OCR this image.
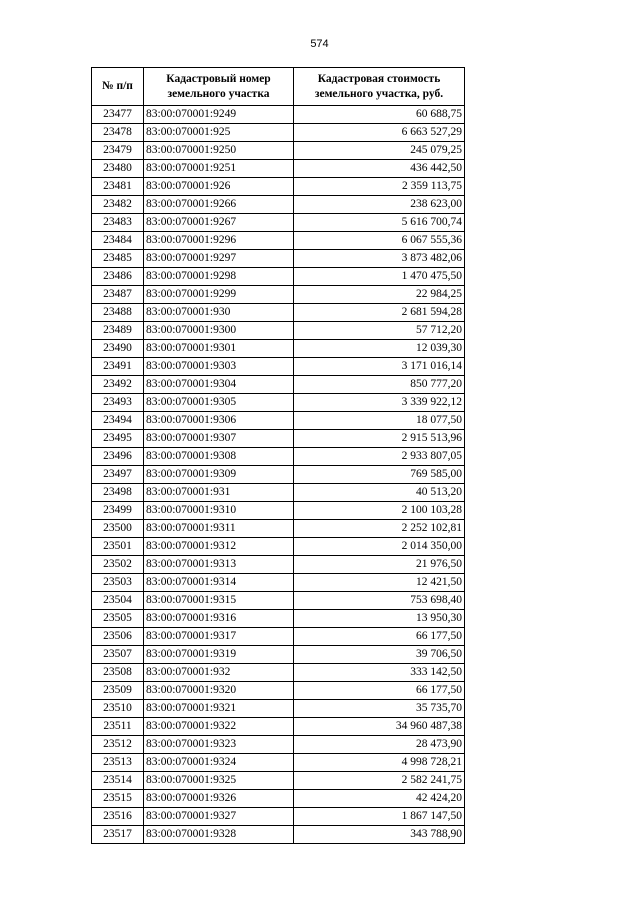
574
№ п/п	Кадастровый номер земельного участка	Кадастровая стоимость земельного участка, руб.
23477	83:00:070001:9249	60 688,75
23478	83:00:070001:925	6 663 527,29
23479	83:00:070001:9250	245 079,25
23480	83:00:070001:9251	436 442,50
23481	83:00:070001:926	2 359 113,75
23482	83:00:070001:9266	238 623,00
23483	83:00:070001:9267	5 616 700,74
23484	83:00:070001:9296	6 067 555,36
23485	83:00:070001:9297	3 873 482,06
23486	83:00:070001:9298	1 470 475,50
23487	83:00:070001:9299	22 984,25
23488	83:00:070001:930	2 681 594,28
23489	83:00:070001:9300	57 712,20
23490	83:00:070001:9301	12 039,30
23491	83:00:070001:9303	3 171 016,14
23492	83:00:070001:9304	850 777,20
23493	83:00:070001:9305	3 339 922,12
23494	83:00:070001:9306	18 077,50
23495	83:00:070001:9307	2 915 513,96
23496	83:00:070001:9308	2 933 807,05
23497	83:00:070001:9309	769 585,00
23498	83:00:070001:931	40 513,20
23499	83:00:070001:9310	2 100 103,28
23500	83:00:070001:9311	2 252 102,81
23501	83:00:070001:9312	2 014 350,00
23502	83:00:070001:9313	21 976,50
23503	83:00:070001:9314	12 421,50
23504	83:00:070001:9315	753 698,40
23505	83:00:070001:9316	13 950,30
23506	83:00:070001:9317	66 177,50
23507	83:00:070001:9319	39 706,50
23508	83:00:070001:932	333 142,50
23509	83:00:070001:9320	66 177,50
23510	83:00:070001:9321	35 735,70
23511	83:00:070001:9322	34 960 487,38
23512	83:00:070001:9323	28 473,90
23513	83:00:070001:9324	4 998 728,21
23514	83:00:070001:9325	2 582 241,75
23515	83:00:070001:9326	42 424,20
23516	83:00:070001:9327	1 867 147,50
23517	83:00:070001:9328	343 788,90
